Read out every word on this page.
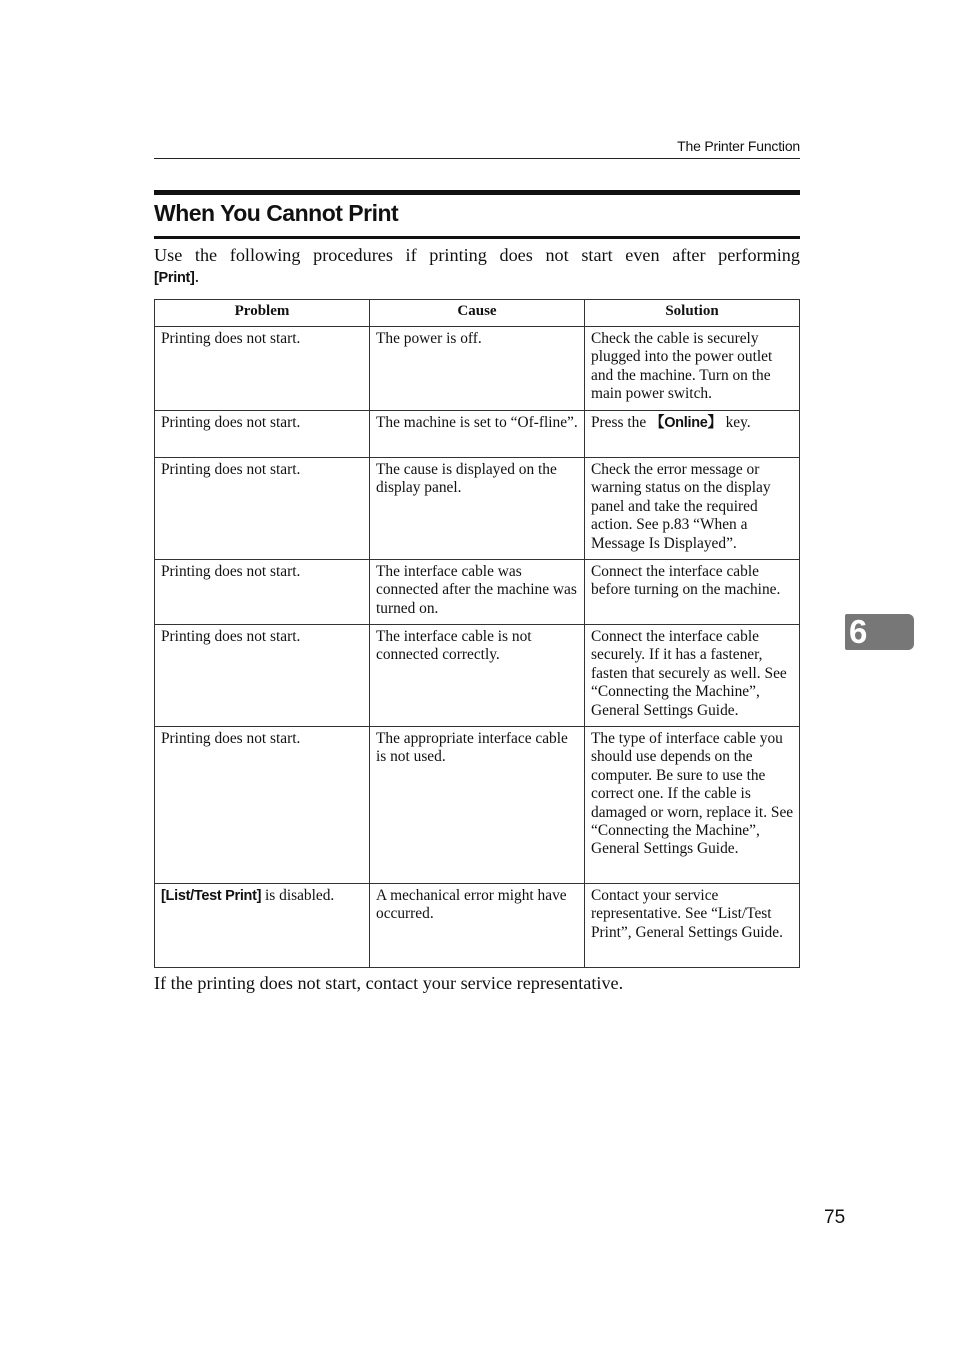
The Printer Function
When You Cannot Print

Use the following procedures if printing does not start even after performing
[Print].

Problem	Cause	Solution
Printing does not start.	The power is off.	Check the cable is securely plugged into the power outlet and the machine. Turn on the main power switch.
Printing does not start.	The machine is set to “Of-fline”.	Press the 【Online】 key.
Printing does not start.	The cause is displayed on the display panel.	Check the error message or warning status on the display panel and take the required action. See p.83 “When a Message Is Displayed”.
Printing does not start.	The interface cable was connected after the machine was turned on.	Connect the interface cable before turning on the machine.
Printing does not start.	The interface cable is not connected correctly.	Connect the interface cable securely. If it has a fastener, fasten that securely as well. See “Connecting the Machine”, General Settings Guide.
Printing does not start.	The appropriate interface cable is not used.	The type of interface cable you should use depends on the computer. Be sure to use the correct one. If the cable is damaged or worn, replace it. See “Connecting the Machine”, General Settings Guide.
[List/Test Print] is disabled.	A mechanical error might have occurred.	Contact your service representative. See “List/Test Print”, General Settings Guide.

If the printing does not start, contact your service representative.

6
75
